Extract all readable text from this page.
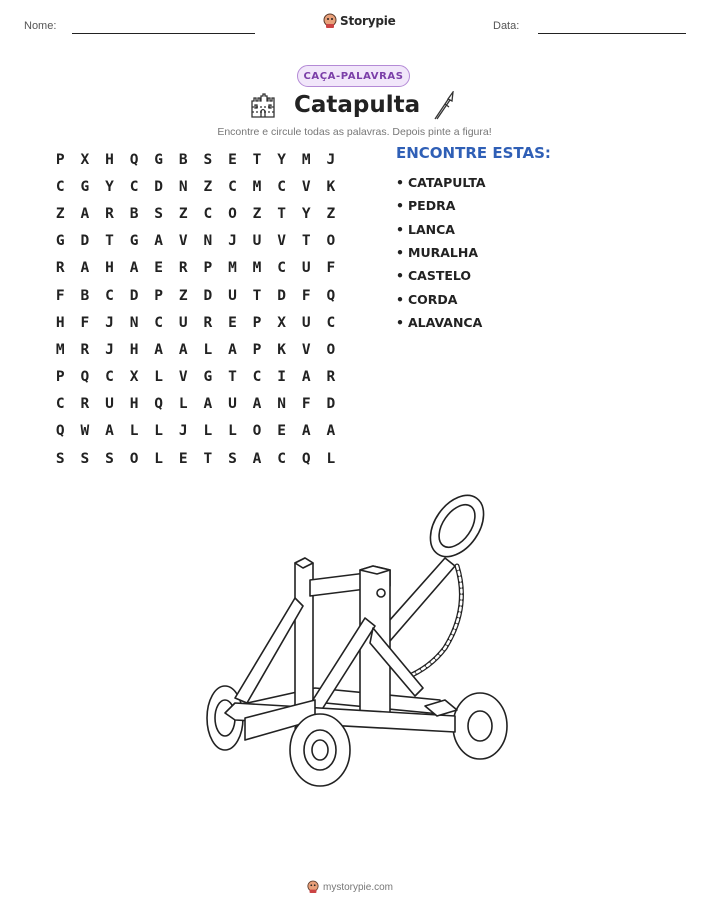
Nome:	Storypie	Data:
CAÇA-PALAVRAS
Catapulta
Encontre e circule todas as palavras. Depois pinte a figura!
P	X	H	Q	G	B	S	E	T	Y	M	J
C	G	Y	C	D	N	Z	C	M	C	V	K
Z	A	R	B	S	Z	C	O	Z	T	Y	Z
G	D	T	G	A	V	N	J	U	V	T	O
R	A	H	A	E	R	P	M	M	C	U	F
F	B	C	D	P	Z	D	U	T	D	F	Q
H	F	J	N	C	U	R	E	P	X	U	C
M	R	J	H	A	A	L	A	P	K	V	O
P	Q	C	X	L	V	G	T	C	I	A	R
C	R	U	H	Q	L	A	U	A	N	F	D
Q	W	A	L	L	J	L	L	O	E	A	A
S	S	S	O	L	E	T	S	A	C	Q	L
ENCONTRE ESTAS:
• CATAPULTA
• PEDRA
• LANCA
• MURALHA
• CASTELO
• CORDA
• ALAVANCA
mystorypie.com
